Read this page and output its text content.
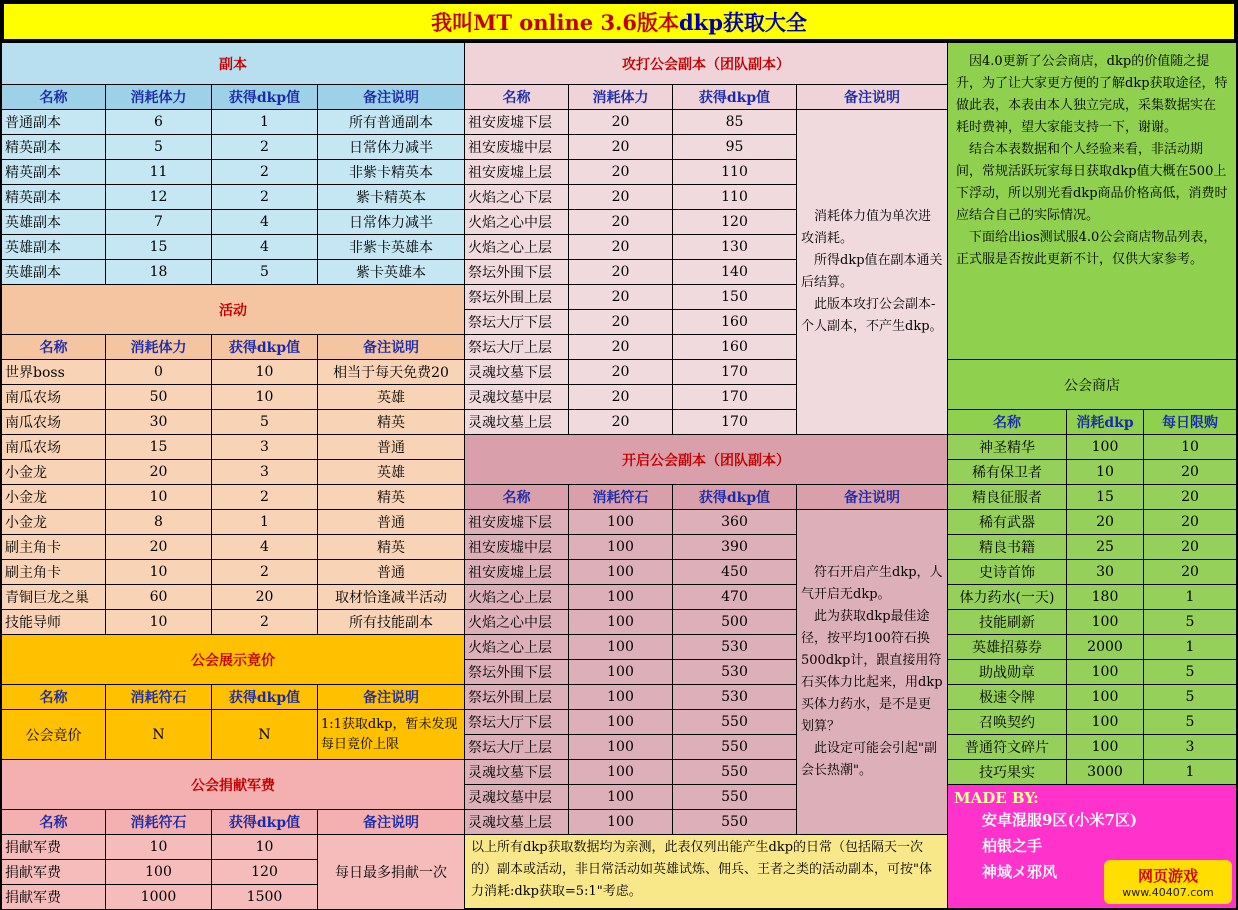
我叫MT online 3.6版本 dkp获取大全
副本
名称	消耗体力	获得dkp值	备注说明
普通副本	6	1	所有普通副本
精英副本	5	2	日常体力减半
精英副本	11	2	非紫卡精英本
精英副本	12	2	紫卡精英本
英雄副本	7	4	日常体力减半
英雄副本	15	4	非紫卡英雄本
英雄副本	18	5	紫卡英雄本
活动
名称	消耗体力	获得dkp值	备注说明
世界boss	0	10	相当于每天免费20
南瓜农场	50	10	英雄
南瓜农场	30	5	精英
南瓜农场	15	3	普通
小金龙	20	3	英雄
小金龙	10	2	精英
小金龙	8	1	普通
刷主角卡	20	4	精英
刷主角卡	10	2	普通
青铜巨龙之巢	60	20	取材恰逢减半活动
技能导师	10	2	所有技能副本
公会展示竟价
名称	消耗符石	获得dkp值	备注说明
公会竟价	N	N
1:1获取dkp，暂未发现每日竟价上限
公会捐献军费
名称	消耗符石	获得dkp值	备注说明
捐献军费	10	10
每日最多捐献一次
捐献军费	100	120
捐献军费	1000	1500
攻打公会副本（团队副本）
名称	消耗体力	获得dkp值	备注说明
祖安废墟下层	20	85
　消耗体力值为单次进攻消耗。
　所得dkp值在副本通关后结算。
　此版本攻打公会副本-个人副本，不产生dkp。
祖安废墟中层	20	95
祖安废墟上层	20	110
火焰之心下层	20	110
火焰之心中层	20	120
火焰之心上层	20	130
祭坛外围下层	20	140
祭坛外围上层	20	150
祭坛大厅下层	20	160
祭坛大厅上层	20	160
灵魂坟墓下层	20	170
灵魂坟墓中层	20	170
灵魂坟墓上层	20	170
开启公会副本（团队副本）
名称	消耗符石	获得dkp值	备注说明
祖安废墟下层	100	360
　符石开启产生dkp，人气开启无dkp。
　此为获取dkp最佳途径，按平均100符石换500dkp计，跟直接用符石买体力比起来，用dkp买体力药水，是不是更划算？
　此设定可能会引起"副会长热潮"。
祖安废墟中层	100	390
祖安废墟上层	100	450
火焰之心上层	100	470
火焰之心中层	100	500
火焰之心上层	100	530
祭坛外围下层	100	530
祭坛外围上层	100	530
祭坛大厅下层	100	550
祭坛大厅上层	100	550
灵魂坟墓下层	100	550
灵魂坟墓中层	100	550
灵魂坟墓上层	100	550
以上所有dkp获取数据均为亲测，此表仅列出能产生dkp的日常（包括隔天一次的）副本或活动，非日常活动如英雄试炼、佣兵、王者之类的活动副本，可按"体力消耗:dkp获取=5:1"考虑。
　因4.0更新了公会商店，dkp的价值随之提升，为了让大家更方便的了解dkp获取途径，特做此表，本表由本人独立完成，采集数据实在耗时费神，望大家能支持一下，谢谢。
　结合本表数据和个人经验来看，非活动期间，常规活跃玩家每日获取dkp值大概在500上下浮动，所以别光看dkp商品价格高低，消费时应结合自己的实际情况。
　下面给出ios测试服4.0公会商店物品列表，正式服是否按此更新不计，仅供大家参考。
公会商店
名称	消耗dkp	每日限购
神圣精华	100	10
稀有保卫者	10	20
精良征服者	15	20
稀有武器	20	20
精良书籍	25	20
史诗首饰	30	20
体力药水(一天)	180	1
技能刷新	100	5
英雄招募券	2000	1
助战勋章	100	5
极速令牌	100	5
召唤契约	100	5
普通符文碎片	100	3
技巧果实	3000	1
MADE BY:
安卓混服9区(小米7区)
柏银之手
神域メ邪风	网页游戏
www.40407.com
